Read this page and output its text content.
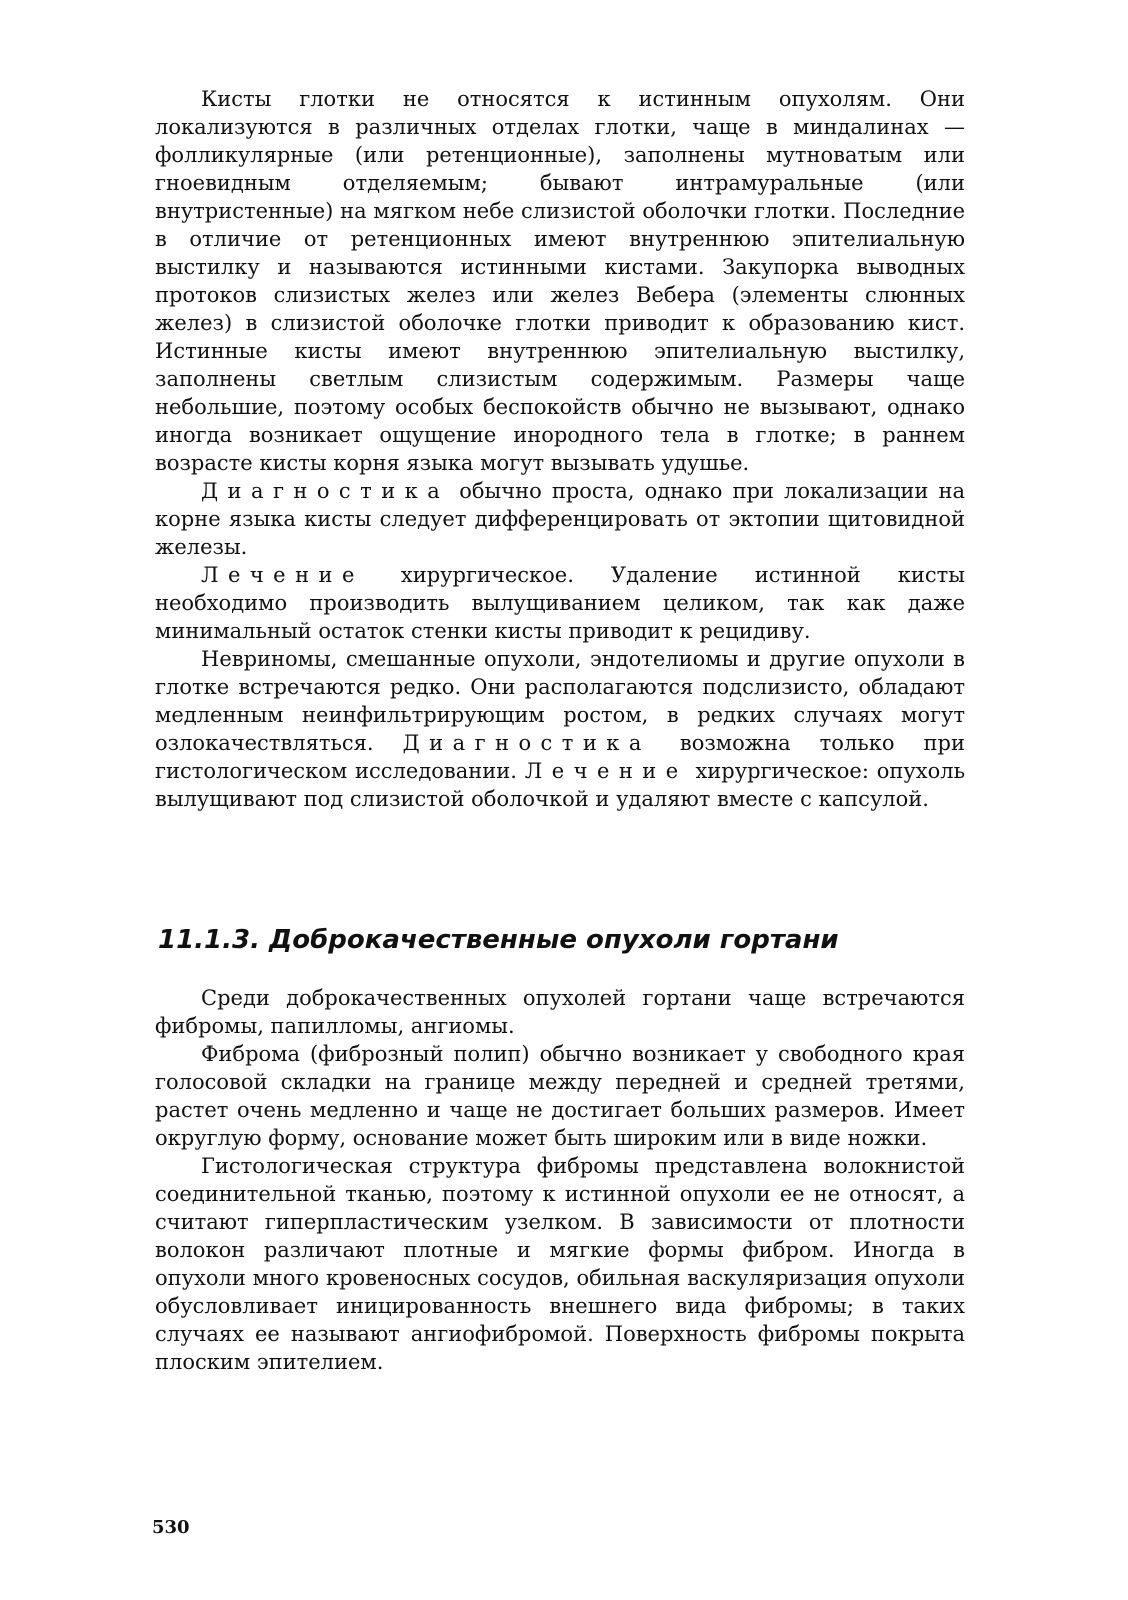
Кисты глотки не относятся к истинным опухолям. Они локализуются в различных отделах глотки, чаще в миндалинах — фолликулярные (или ретенционные), заполнены мутноватым или гноевидным отделяемым; бывают интрамуральные (или внутристенные) на мягком небе слизистой оболочки глотки. Последние в отличие от ретенционных имеют внутреннюю эпителиальную выстилку и называются истинными кистами. Закупорка выводных протоков слизистых желез или желез Вебера (элементы слюнных желез) в слизистой оболочке глотки приводит к образованию кист. Истинные кисты имеют внутреннюю эпителиальную выстилку, заполнены светлым слизистым содержимым. Размеры чаще небольшие, поэтому особых беспокойств обычно не вызывают, однако иногда возникает ощущение инородного тела в глотке; в раннем возрасте кисты корня языка могут вызывать удушье.

Диагностика обычно проста, однако при локализации на корне языка кисты следует дифференцировать от эктопии щитовидной железы.

Лечение хирургическое. Удаление истинной кисты необходимо производить вылущиванием целиком, так как даже минимальный остаток стенки кисты приводит к рецидиву.

Невриномы, смешанные опухоли, эндотелиомы и другие опухоли в глотке встречаются редко. Они располагаются подслизисто, обладают медленным неинфильтрирующим ростом, в редких случаях могут озлокачествляться. Диагностика возможна только при гистологическом исследовании. Лечение хирургическое: опухоль вылущивают под слизистой оболочкой и удаляют вместе с капсулой.

11.1.3. Доброкачественные опухоли гортани

Среди доброкачественных опухолей гортани чаще встречаются фибромы, папилломы, ангиомы.

Фиброма (фиброзный полип) обычно возникает у свободного края голосовой складки на границе между передней и средней третями, растет очень медленно и чаще не достигает больших размеров. Имеет округлую форму, основание может быть широким или в виде ножки.

Гистологическая структура фибромы представлена волокнистой соединительной тканью, поэтому к истинной опухоли ее не относят, а считают гиперпластическим узелком. В зависимости от плотности волокон различают плотные и мягкие формы фибром. Иногда в опухоли много кровеносных сосудов, обильная васкуляризация опухоли обусловливает иницированность внешнего вида фибромы; в таких случаях ее называют ангиофибромой. Поверхность фибромы покрыта плоским эпителием.

530
